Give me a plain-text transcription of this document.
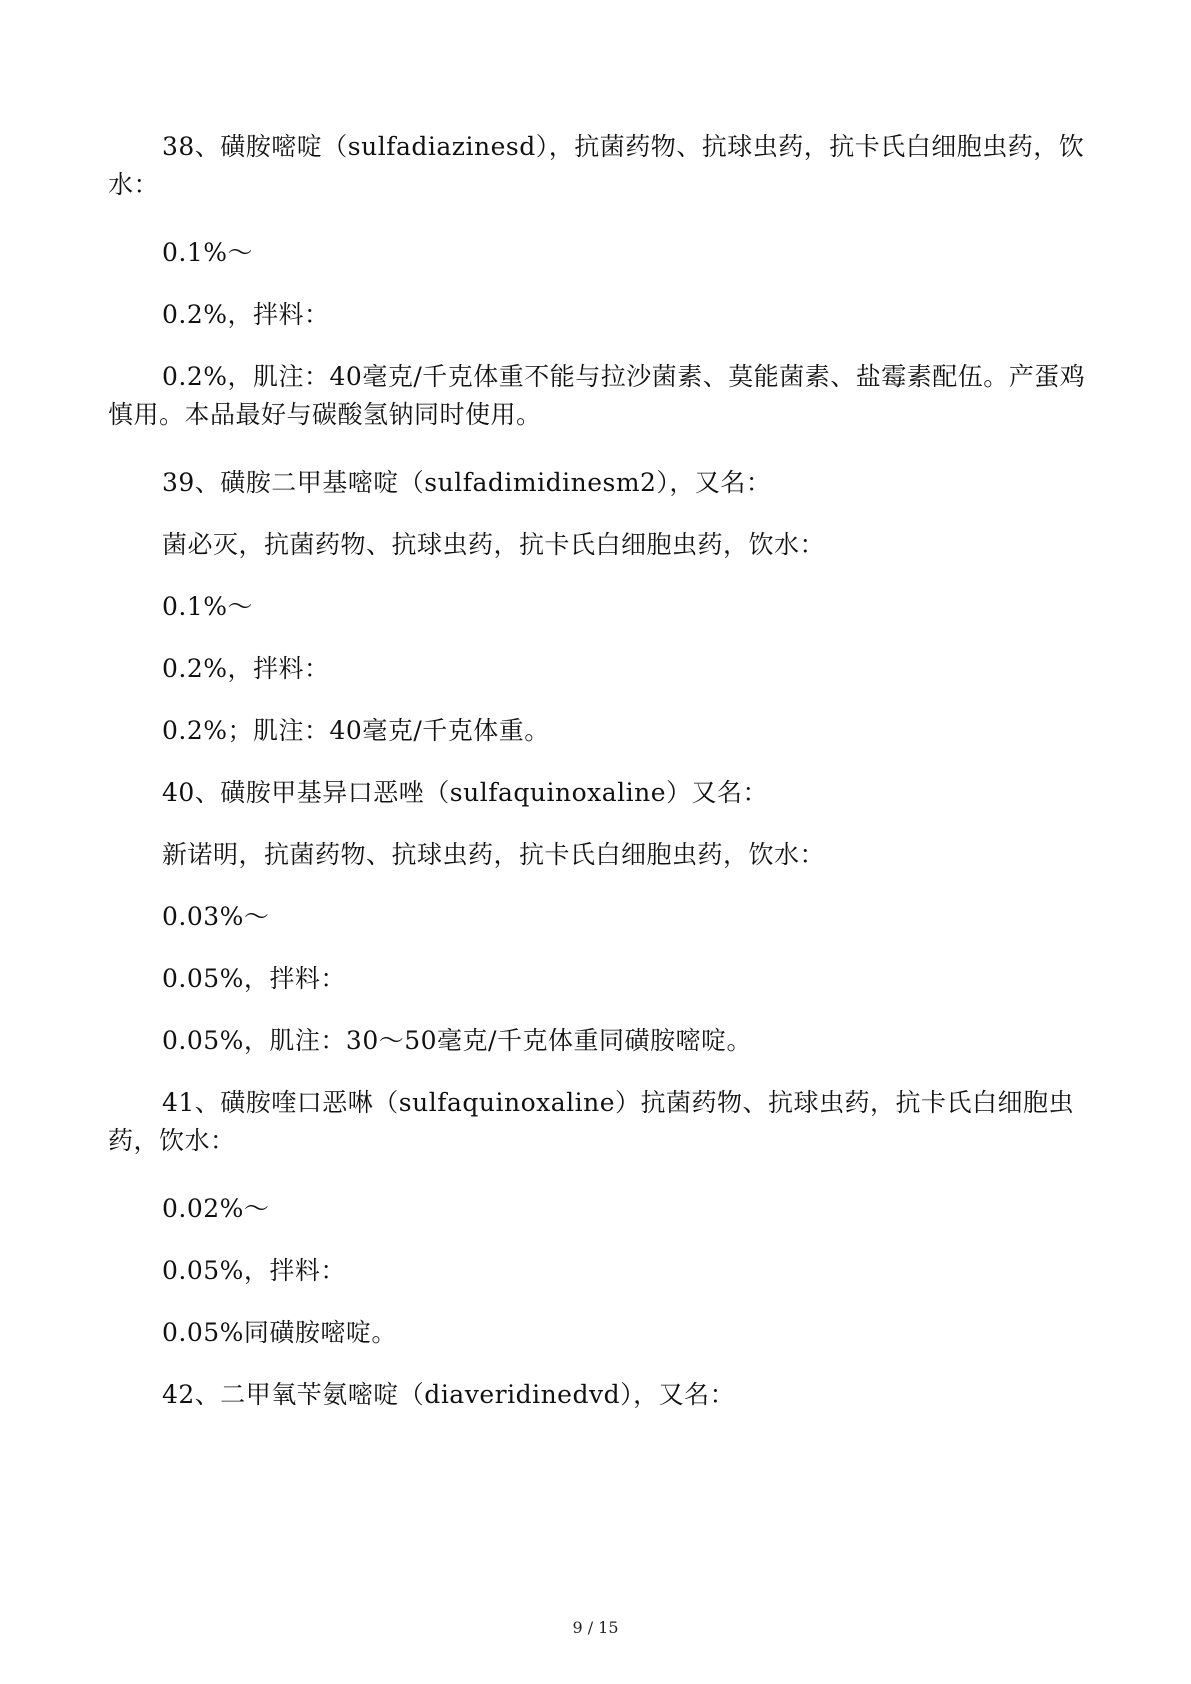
38、磺胺嘧啶（sulfadiazinesd），抗菌药物、抗球虫药，抗卡氏白细胞虫药，饮水：

0.1%～

0.2%，拌料：

0.2%，肌注：40毫克/千克体重不能与拉沙菌素、莫能菌素、盐霉素配伍。产蛋鸡慎用。本品最好与碳酸氢钠同时使用。

39、磺胺二甲基嘧啶（sulfadimidinesm2），又名：

菌必灭，抗菌药物、抗球虫药，抗卡氏白细胞虫药，饮水：

0.1%～

0.2%，拌料：

0.2%；肌注：40毫克/千克体重。

40、磺胺甲基异口恶唑（sulfaquinoxaline）又名：

新诺明，抗菌药物、抗球虫药，抗卡氏白细胞虫药，饮水：

0.03%～

0.05%，拌料：

0.05%，肌注：30～50毫克/千克体重同磺胺嘧啶。

41、磺胺喹口恶啉（sulfaquinoxaline）抗菌药物、抗球虫药，抗卡氏白细胞虫药，饮水：

0.02%～

0.05%，拌料：

0.05%同磺胺嘧啶。

42、二甲氧苄氨嘧啶（diaveridinedvd），又名：

9 / 15
